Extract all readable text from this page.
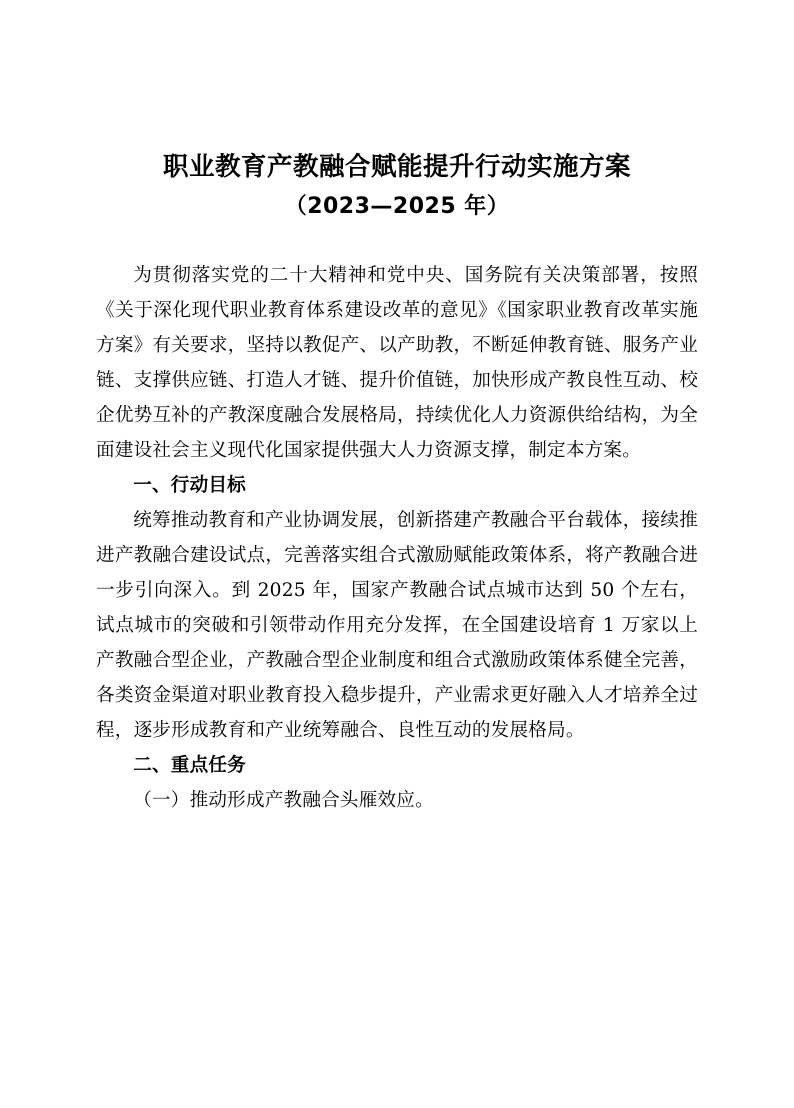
职业教育产教融合赋能提升行动实施方案
（2023—2025 年）

为贯彻落实党的二十大精神和党中央、国务院有关决策部署，按照《关于深化现代职业教育体系建设改革的意见》《国家职业教育改革实施方案》有关要求，坚持以教促产、以产助教，不断延伸教育链、服务产业链、支撑供应链、打造人才链、提升价值链，加快形成产教良性互动、校企优势互补的产教深度融合发展格局，持续优化人力资源供给结构，为全面建设社会主义现代化国家提供强大人力资源支撑，制定本方案。

一、行动目标

统筹推动教育和产业协调发展，创新搭建产教融合平台载体，接续推进产教融合建设试点，完善落实组合式激励赋能政策体系，将产教融合进一步引向深入。到 2025 年，国家产教融合试点城市达到 50 个左右，试点城市的突破和引领带动作用充分发挥，在全国建设培育 1 万家以上产教融合型企业，产教融合型企业制度和组合式激励政策体系健全完善，各类资金渠道对职业教育投入稳步提升，产业需求更好融入人才培养全过程，逐步形成教育和产业统筹融合、良性互动的发展格局。

二、重点任务

（一）推动形成产教融合头雁效应。
